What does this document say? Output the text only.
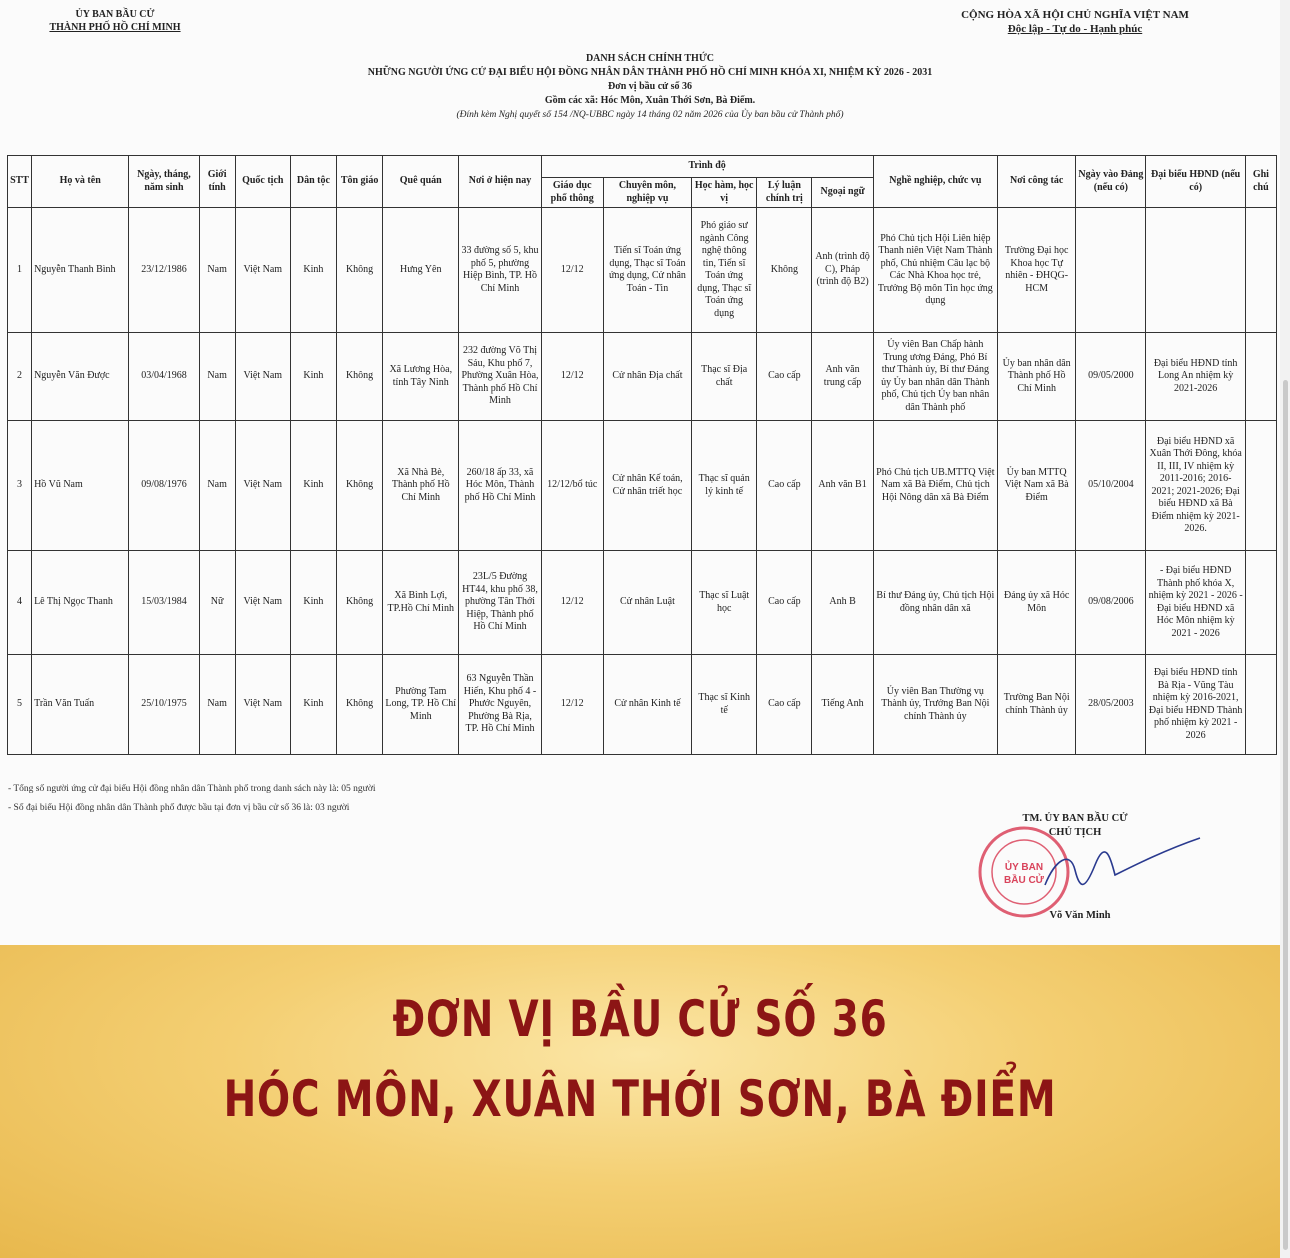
ỦY BAN BẦU CỬ
THÀNH PHỐ HỒ CHÍ MINH
CỘNG HÒA XÃ HỘI CHỦ NGHĨA VIỆT NAM
Độc lập - Tự do - Hạnh phúc
DANH SÁCH CHÍNH THỨC
NHỮNG NGƯỜI ỨNG CỬ ĐẠI BIỂU HỘI ĐỒNG NHÂN DÂN THÀNH PHỐ HỒ CHÍ MINH KHÓA XI, NHIỆM KỲ 2026 - 2031
Đơn vị bầu cử số 36
Gồm các xã: Hóc Môn, Xuân Thới Sơn, Bà Điểm.
(Đính kèm Nghị quyết số 154 /NQ-UBBC ngày 14 tháng 02 năm 2026 của Ủy ban bầu cử Thành phố)
STT	Họ và tên	Ngày, tháng, năm sinh	Giới tính	Quốc tịch	Dân tộc	Tôn giáo	Quê quán	Nơi ở hiện nay	Trình độ					Nghề nghiệp, chức vụ	Nơi công tác	Ngày vào Đảng (nếu có)	Đại biểu HĐND (nếu có)	Ghi chú
									Giáo dục phổ thông	Chuyên môn, nghiệp vụ	Học hàm, học vị	Lý luận chính trị	Ngoại ngữ					
1	Nguyễn Thanh Bình	23/12/1986	Nam	Việt Nam	Kinh	Không	Hưng Yên	33 đường số 5, khu phố 5, phường Hiệp Bình, TP. Hồ Chí Minh	12/12	Tiến sĩ Toán ứng dụng, Thạc sĩ Toán ứng dụng, Cử nhân Toán - Tin	Phó giáo sư ngành Công nghệ thông tin, Tiến sĩ Toán ứng dụng, Thạc sĩ Toán ứng dụng	Không	Anh (trình độ C), Pháp (trình độ B2)	Phó Chủ tịch Hội Liên hiệp Thanh niên Việt Nam Thành phố, Chủ nhiệm Câu lạc bộ Các Nhà Khoa học trẻ, Trưởng Bộ môn Tin học ứng dụng	Trường Đại học Khoa học Tự nhiên - ĐHQG-HCM			
2	Nguyễn Văn Được	03/04/1968	Nam	Việt Nam	Kinh	Không	Xã Lương Hòa, tỉnh Tây Ninh	232 đường Võ Thị Sáu, Khu phố 7, Phường Xuân Hòa, Thành phố Hồ Chí Minh	12/12	Cử nhân Địa chất	Thạc sĩ Địa chất	Cao cấp	Anh văn trung cấp	Ủy viên Ban Chấp hành Trung ương Đảng, Phó Bí thư Thành ủy, Bí thư Đảng ủy Ủy ban nhân dân Thành phố, Chủ tịch Ủy ban nhân dân Thành phố	Ủy ban nhân dân Thành phố Hồ Chí Minh	09/05/2000	Đại biểu HĐND tỉnh Long An nhiệm kỳ 2021-2026	
3	Hồ Vũ Nam	09/08/1976	Nam	Việt Nam	Kinh	Không	Xã Nhà Bè, Thành phố Hồ Chí Minh	260/18 ấp 33, xã Hóc Môn, Thành phố Hồ Chí Minh	12/12/bổ túc	Cử nhân Kế toán, Cử nhân triết học	Thạc sĩ quản lý kinh tế	Cao cấp	Anh văn B1	Phó Chủ tịch UB.MTTQ Việt Nam xã Bà Điểm, Chủ tịch Hội Nông dân xã Bà Điểm	Ủy ban MTTQ Việt Nam xã Bà Điểm	05/10/2004	Đại biểu HĐND xã Xuân Thới Đông, khóa II, III, IV nhiệm kỳ 2011-2016; 2016-2021; 2021-2026; Đại biểu HĐND xã Bà Điểm nhiệm kỳ 2021-2026.	
4	Lê Thị Ngọc Thanh	15/03/1984	Nữ	Việt Nam	Kinh	Không	Xã Bình Lợi, TP.Hồ Chí Minh	23L/5 Đường HT44, khu phố 38, phường Tân Thới Hiệp, Thành phố Hồ Chí Minh	12/12	Cử nhân Luật	Thạc sĩ Luật học	Cao cấp	Anh B	Bí thư Đảng ủy, Chủ tịch Hội đồng nhân dân xã	Đảng ủy xã Hóc Môn	09/08/2006	- Đại biểu HĐND Thành phố khóa X, nhiệm kỳ 2021 - 2026 - Đại biểu HĐND xã Hóc Môn nhiệm kỳ 2021 - 2026	
5	Trần Văn Tuấn	25/10/1975	Nam	Việt Nam	Kinh	Không	Phường Tam Long, TP. Hồ Chí Minh	63 Nguyễn Thần Hiến, Khu phố 4 - Phước Nguyên, Phường Bà Rịa, TP. Hồ Chí Minh	12/12	Cử nhân Kinh tế	Thạc sĩ Kinh tế	Cao cấp	Tiếng Anh	Ủy viên Ban Thường vụ Thành ủy, Trưởng Ban Nội chính Thành ủy	Trường Ban Nội chính Thành ủy	28/05/2003	Đại biểu HĐND tỉnh Bà Rịa - Vũng Tàu nhiệm kỳ 2016-2021, Đại biểu HĐND Thành phố nhiệm kỳ 2021 - 2026	
- Tổng số người ứng cử đại biểu Hội đồng nhân dân Thành phố trong danh sách này là: 05 người
- Số đại biểu Hội đồng nhân dân Thành phố được bầu tại đơn vị bầu cử số 36 là: 03 người
TM. ỦY BAN BẦU CỬ
CHỦ TỊCH
ỦY BAN
BẦU CỬ
Võ Văn Minh
ĐƠN VỊ BẦU CỬ SỐ 36
HÓC MÔN, XUÂN THỚI SƠN, BÀ ĐIỂM
